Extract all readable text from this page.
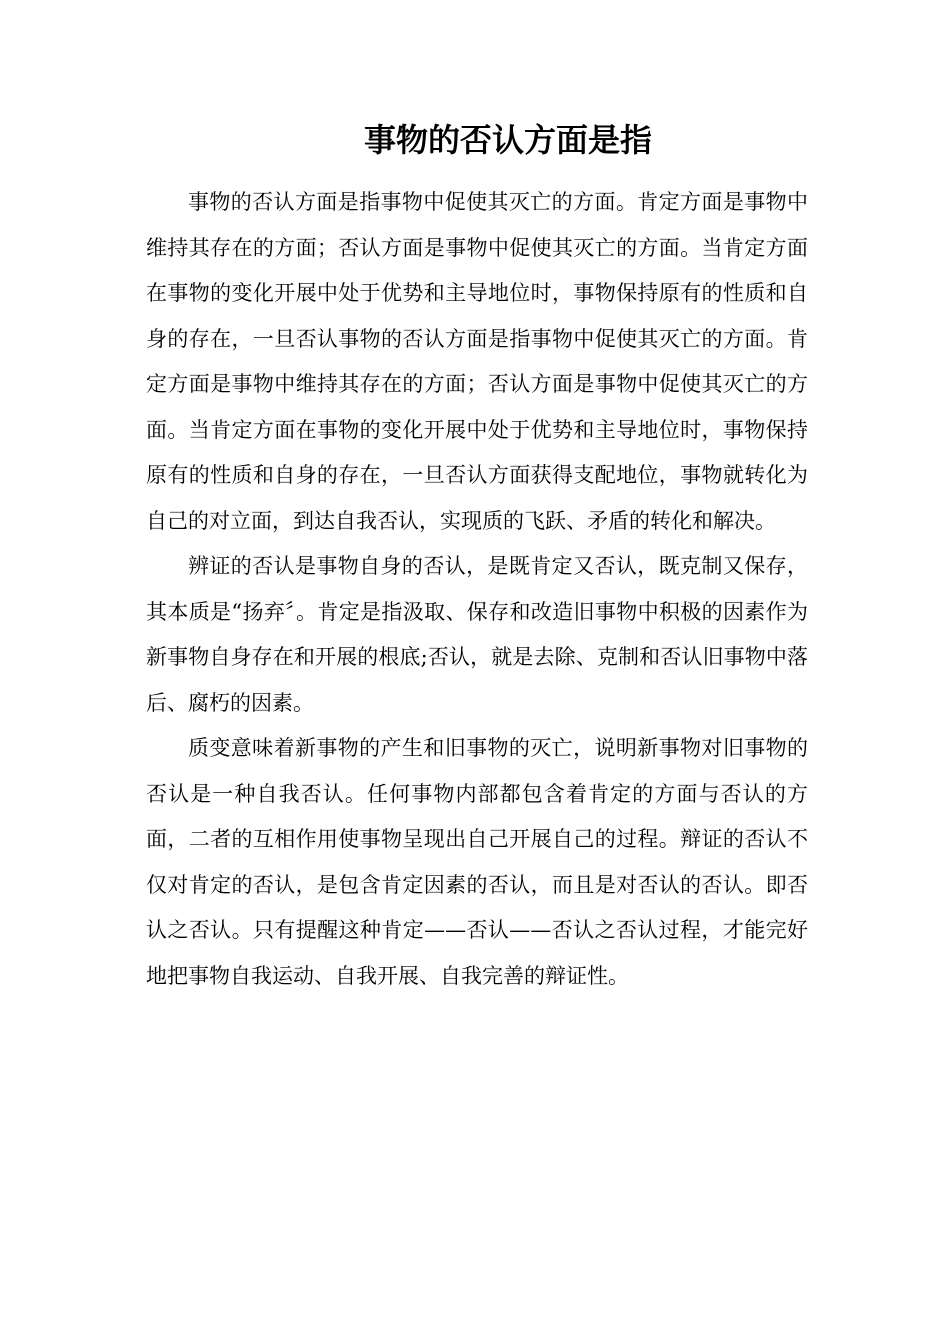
事物的否认方面是指

事物的否认方面是指事物中促使其灭亡的方面。肯定方面是事物中维持其存在的方面；否认方面是事物中促使其灭亡的方面。当肯定方面在事物的变化开展中处于优势和主导地位时，事物保持原有的性质和自身的存在，一旦否认事物的否认方面是指事物中促使其灭亡的方面。肯定方面是事物中维持其存在的方面；否认方面是事物中促使其灭亡的方面。当肯定方面在事物的变化开展中处于优势和主导地位时，事物保持原有的性质和自身的存在，一旦否认方面获得支配地位，事物就转化为自己的对立面，到达自我否认，实现质的飞跃、矛盾的转化和解决。

辨证的否认是事物自身的否认，是既肯定又否认，既克制又保存，其本质是“扬弃〞。肯定是指汲取、保存和改造旧事物中积极的因素作为新事物自身存在和开展的根底;否认，就是去除、克制和否认旧事物中落后、腐朽的因素。

质变意味着新事物的产生和旧事物的灭亡，说明新事物对旧事物的否认是一种自我否认。任何事物内部都包含着肯定的方面与否认的方面，二者的互相作用使事物呈现出自己开展自己的过程。辩证的否认不仅对肯定的否认，是包含肯定因素的否认，而且是对否认的否认。即否认之否认。只有提醒这种肯定——否认——否认之否认过程，才能完好地把事物自我运动、自我开展、自我完善的辩证性。
